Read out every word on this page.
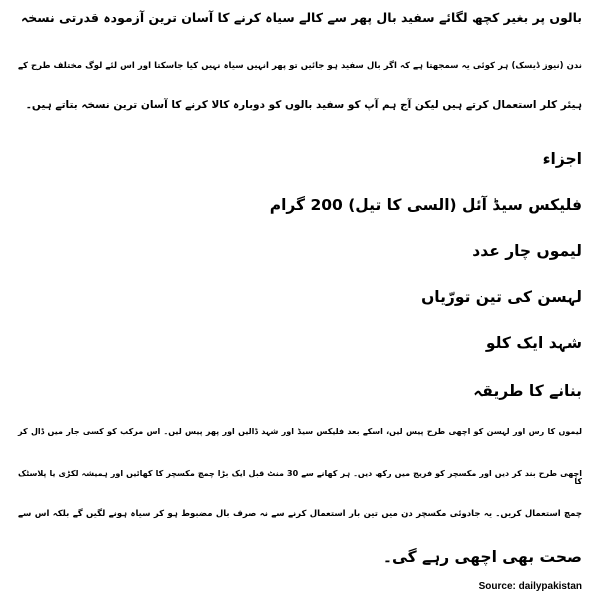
بالوں پر بغیر کچھ لگائے سفید بال پھر سے کالے سیاہ کرنے کا آسان ترین آزمودہ قدرتی نسخہ
ندن (نیوز ڈیسک) ہر کوئی یہ سمجھتا ہے کہ اگر بال سفید ہو جائیں تو پھر انہیں سیاہ نہیں کیا جاسکتا اور اس لئے لوگ مختلف طرح کے
ہیئر کلر استعمال کرتے ہیں لیکن آج ہم آپ کو سفید بالوں کو دوبارہ کالا کرنے کا آسان ترین نسخہ بتاتے ہیں۔
اجزاء
فلیکس سیڈ آئل (السی کا تیل) 200 گرام
لیموں چار عدد
لہسن کی تین تورّیاں
شہد ایک کلو
بنانے کا طریقہ
لیموں کا رس اور لہسن کو اچھی طرح پیس لیں، اسکے بعد فلیکس سیڈ اور شہد ڈالیں اور پھر پیس لیں۔ اس مرکب کو کسی جار میں ڈال کر
اچھی طرح بند کر دیں اور مکسچر کو فریج میں رکھ دیں۔ ہر کھانے سے 30 منٹ قبل ایک بڑا چمچ مکسچر کا کھائیں اور ہمیشہ لکڑی یا پلاسٹک کا
چمچ استعمال کریں۔ یہ جادوئی مکسچر دن میں تین بار استعمال کرنے سے نہ صرف بال مضبوط ہو کر سیاہ ہونے لگیں گے بلکہ اس سے
صحت بھی اچھی رہے گی۔
Source: dailypakistan
